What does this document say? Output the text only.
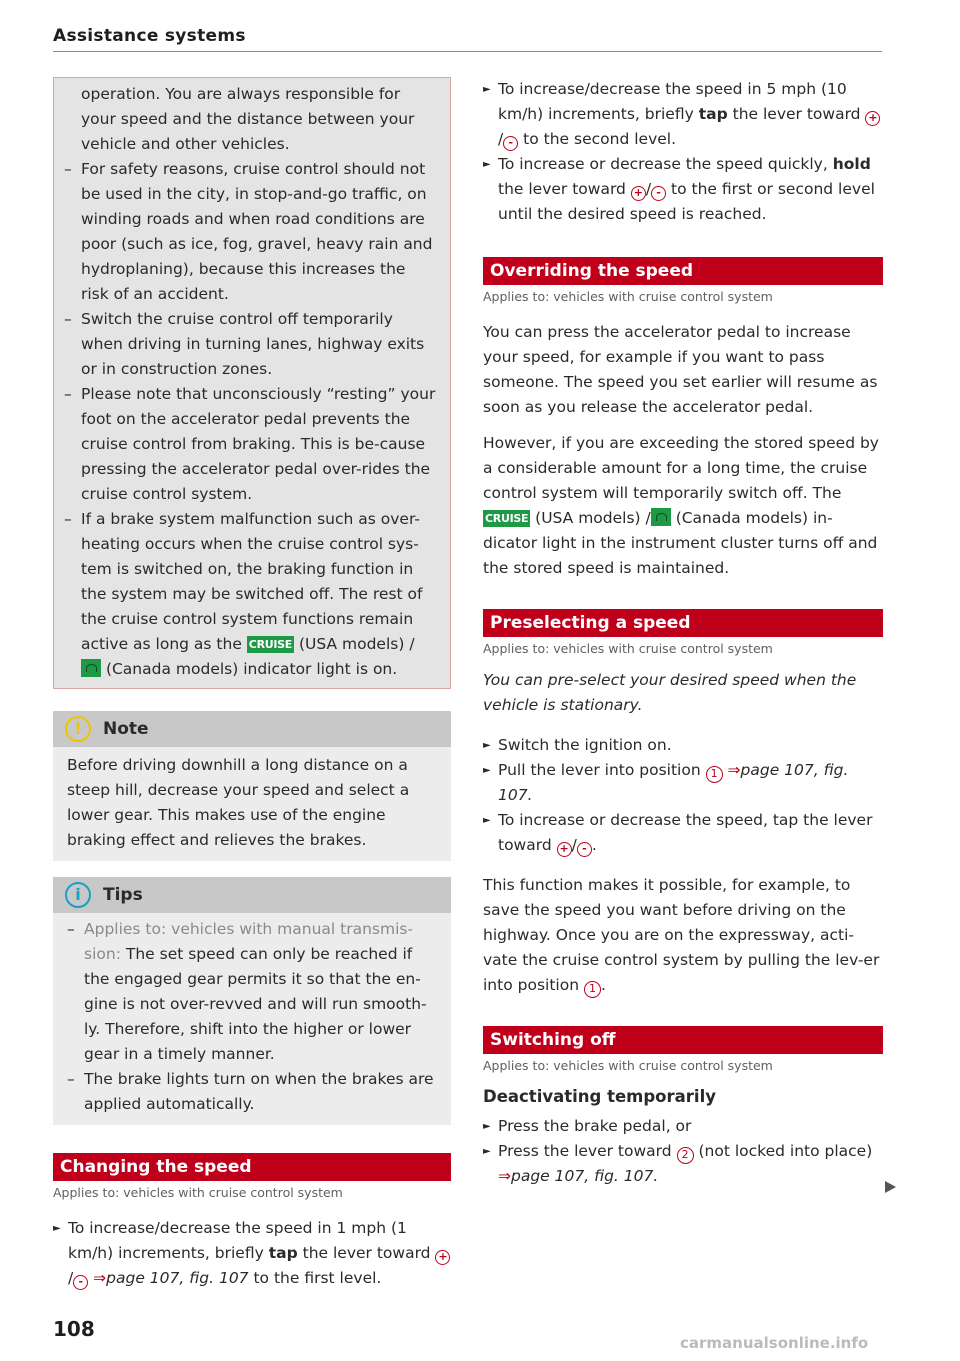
Assistance systems

operation. You are always responsible for your speed and the distance between your vehicle and other vehicles.

– For safety reasons, cruise control should not be used in the city, in stop-and-go traffic, on winding roads and when road conditions are poor (such as ice, fog, gravel, heavy rain and hydroplaning), because this increases the risk of an accident.

– Switch the cruise control off temporarily when driving in turning lanes, highway exits or in construction zones.

– Please note that unconsciously “resting” your foot on the accelerator pedal prevents the cruise control from braking. This is be-cause pressing the accelerator pedal over-rides the cruise control system.

– If a brake system malfunction such as over-heating occurs when the cruise control sys-tem is switched on, the braking function in the system may be switched off. The rest of the cruise control system functions remain active as long as the CRUISE (USA models) /  (Canada models) indicator light is on.

!	Note
Before driving downhill a long distance on a steep hill, decrease your speed and select a lower gear. This makes use of the engine braking effect and relieves the brakes.
i	Tips

– Applies to: vehicles with manual transmis-sion: The set speed can only be reached if the engaged gear permits it so that the en-gine is not over-revved and will run smooth-ly. Therefore, shift into the higher or lower gear in a timely manner.

– The brake lights turn on when the brakes are applied automatically.

Changing the speed
Applies to: vehicles with cruise control system
► To increase/decrease the speed in 1 mph (1 km/h) increments, briefly tap the lever toward +/ - ⇒page 107, fig. 107 to the first level.
► To increase/decrease the speed in 5 mph (10 km/h) increments, briefly tap the lever toward +/ - to the second level.
► To increase or decrease the speed quickly, hold the lever toward + / - to the first or second level until the desired speed is reached.
Overriding the speed
Applies to: vehicles with cruise control system

You can press the accelerator pedal to increase your speed, for example if you want to pass someone. The speed you set earlier will resume as soon as you release the accelerator pedal.

However, if you are exceeding the stored speed by a considerable amount for a long time, the cruise control system will temporarily switch off. The CRUISE (USA models) / (Canada models) in-dicator light in the instrument cluster turns off and the stored speed is maintained.

Preselecting a speed
Applies to: vehicles with cruise control system

You can pre-select your desired speed when the vehicle is stationary.

► Switch the ignition on.
► Pull the lever into position 1 ⇒page 107, fig. 107.
► To increase or decrease the speed, tap the lever toward + / - .

This function makes it possible, for example, to save the speed you want before driving on the highway. Once you are on the expressway, acti-vate the cruise control system by pulling the lev-er into position 1 .

Switching off
Applies to: vehicles with cruise control system
Deactivating temporarily
► Press the brake pedal, or
► Press the lever toward 2 (not locked into place) ⇒page 107, fig. 107.
108
carmanualsonline.info
